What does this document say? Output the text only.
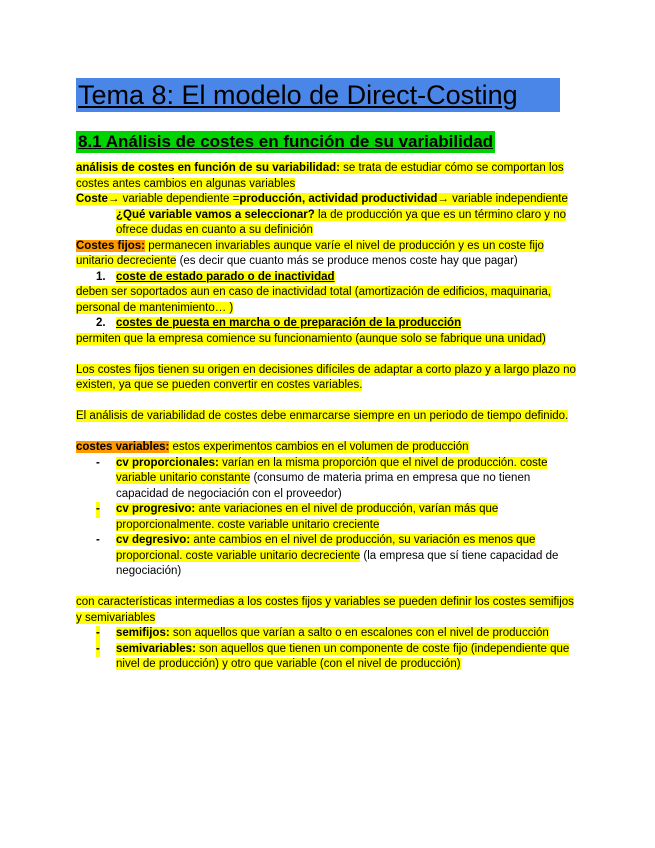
Tema 8: El modelo de Direct-Costing
8.1 Análisis de costes en función de su variabilidad

análisis de costes en función de su variabilidad: se trata de estudiar cómo se comportan los costes antes cambios en algunas variables

Coste→ variable dependiente =producción, actividad productividad→ variable independiente

¿Qué variable vamos a seleccionar? la de producción ya que es un término claro y no ofrece dudas en cuanto a su definición

Costes fijos: permanecen invariables aunque varíe el nivel de producción y es un coste fijo unitario decreciente (es decir que cuanto más se produce menos coste hay que pagar)

1. coste de estado parado o de inactividad

deben ser soportados aun en caso de inactividad total (amortización de edificios, maquinaria, personal de mantenimiento… )

2. costes de puesta en marcha o de preparación de la producción

permiten que la empresa comience su funcionamiento (aunque solo se fabrique una unidad)

Los costes fijos tienen su origen en decisiones difíciles de adaptar a corto plazo y a largo plazo no existen, ya que se pueden convertir en costes variables.

El análisis de variabilidad de costes debe enmarcarse siempre en un periodo de tiempo definido.

costes variables: estos experimentos cambios en el volumen de producción

- cv proporcionales: varían en la misma proporción que el nivel de producción. coste variable unitario constante (consumo de materia prima en empresa que no tienen capacidad de negociación con el proveedor)
- cv progresivo: ante variaciones en el nivel de producción, varían más que proporcionalmente. coste variable unitario creciente
- cv degresivo: ante cambios en el nivel de producción, su variación es menos que proporcional. coste variable unitario decreciente (la empresa que sí tiene capacidad de negociación)

con características intermedias a los costes fijos y variables se pueden definir los costes semifijos y semivariables

- semifijos: son aquellos que varían a salto o en escalones con el nivel de producción
- semivariables: son aquellos que tienen un componente de coste fijo (independiente que nivel de producción) y otro que variable (con el nivel de producción)
